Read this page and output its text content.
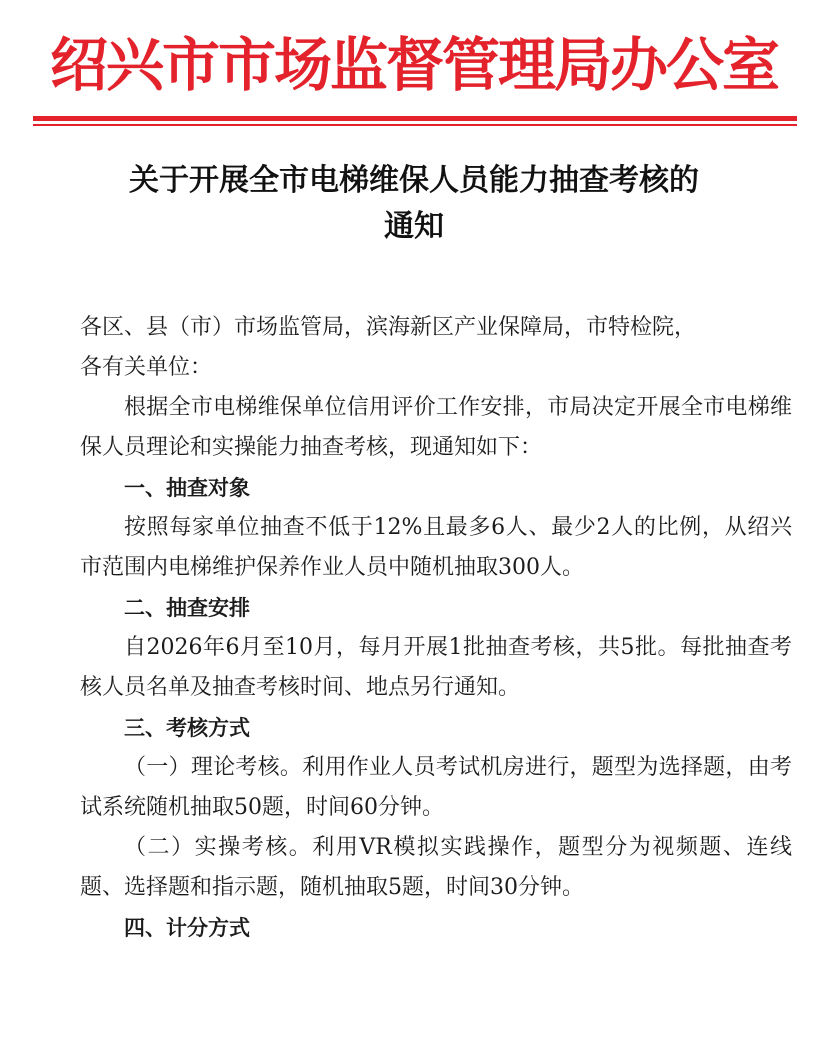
绍兴市市场监督管理局办公室
关于开展全市电梯维保人员能力抽查考核的
通知

各区、县（市）市场监管局，滨海新区产业保障局，市特检院，

各有关单位：

根据全市电梯维保单位信用评价工作安排，市局决定开展全市电梯维保人员理论和实操能力抽查考核，现通知如下：

一、抽查对象

按照每家单位抽查不低于12%且最多6人、最少2人的比例，从绍兴市范围内电梯维护保养作业人员中随机抽取300人。

二、抽查安排

自2026年6月至10月，每月开展1批抽查考核，共5批。每批抽查考核人员名单及抽查考核时间、地点另行通知。

三、考核方式

（一）理论考核。利用作业人员考试机房进行，题型为选择题，由考试系统随机抽取50题，时间60分钟。

（二）实操考核。利用VR模拟实践操作，题型分为视频题、连线题、选择题和指示题，随机抽取5题，时间30分钟。

四、计分方式
